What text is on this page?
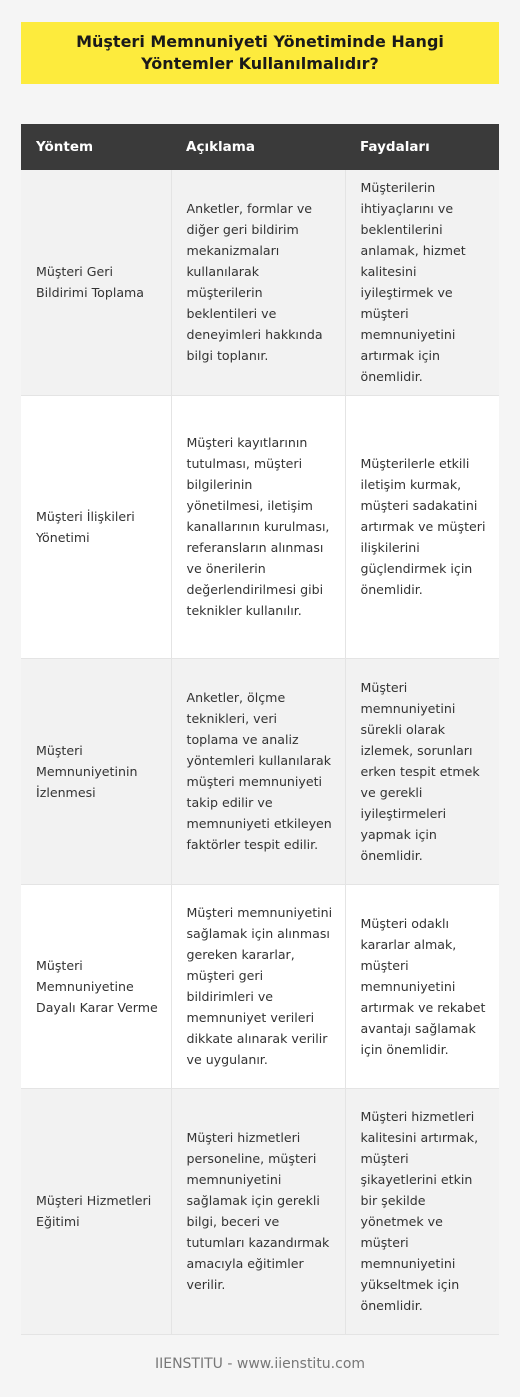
Müşteri Memnuniyeti Yönetiminde Hangi Yöntemler Kullanılmalıdır?
Yöntem	Açıklama	Faydaları
Müşteri Geri Bildirimi Toplama	Anketler, formlar ve diğer geri bildirim mekanizmaları kullanılarak müşterilerin beklentileri ve deneyimleri hakkında bilgi toplanır.	Müşterilerin ihtiyaçlarını ve beklentilerini anlamak, hizmet kalitesini iyileştirmek ve müşteri memnuniyetini artırmak için önemlidir.
Müşteri İlişkileri Yönetimi	Müşteri kayıtlarının tutulması, müşteri bilgilerinin yönetilmesi, iletişim kanallarının kurulması, referansların alınması ve önerilerin değerlendirilmesi gibi teknikler kullanılır.	Müşterilerle etkili iletişim kurmak, müşteri sadakatini artırmak ve müşteri ilişkilerini güçlendirmek için önemlidir.
Müşteri Memnuniyetinin İzlenmesi	Anketler, ölçme teknikleri, veri toplama ve analiz yöntemleri kullanılarak müşteri memnuniyeti takip edilir ve memnuniyeti etkileyen faktörler tespit edilir.	Müşteri memnuniyetini sürekli olarak izlemek, sorunları erken tespit etmek ve gerekli iyileştirmeleri yapmak için önemlidir.
Müşteri Memnuniyetine Dayalı Karar Verme	Müşteri memnuniyetini sağlamak için alınması gereken kararlar, müşteri geri bildirimleri ve memnuniyet verileri dikkate alınarak verilir ve uygulanır.	Müşteri odaklı kararlar almak, müşteri memnuniyetini artırmak ve rekabet avantajı sağlamak için önemlidir.
Müşteri Hizmetleri Eğitimi	Müşteri hizmetleri personeline, müşteri memnuniyetini sağlamak için gerekli bilgi, beceri ve tutumları kazandırmak amacıyla eğitimler verilir.	Müşteri hizmetleri kalitesini artırmak, müşteri şikayetlerini etkin bir şekilde yönetmek ve müşteri memnuniyetini yükseltmek için önemlidir.
IIENSTITU - www.iienstitu.com
